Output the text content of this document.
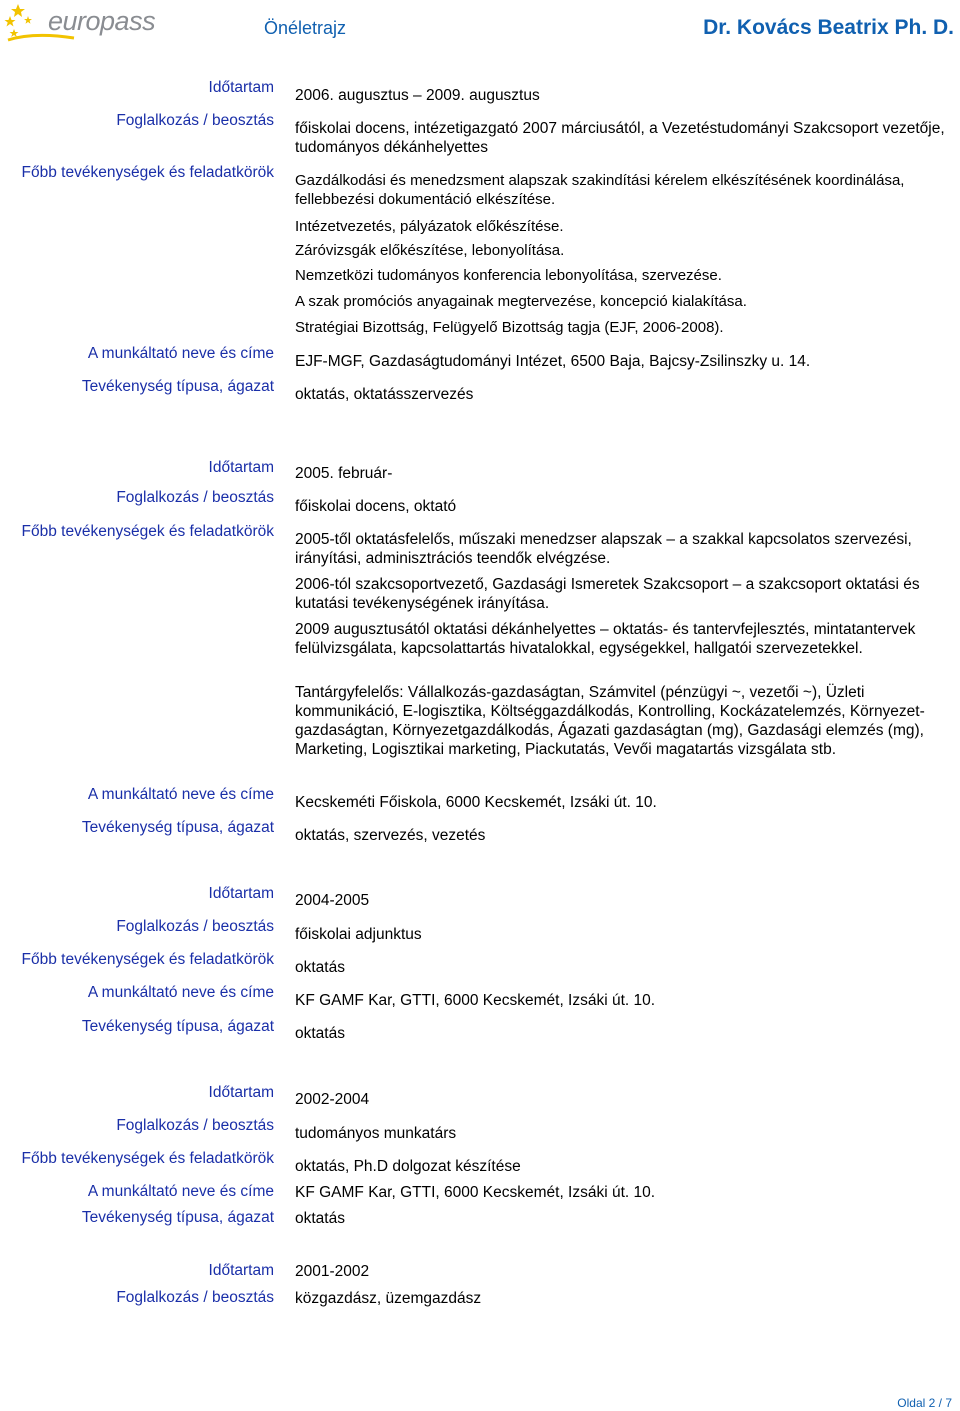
europass	Önéletrajz	Dr. Kovács Beatrix Ph. D.
Időtartam 2006. augusztus – 2009. augusztus
Foglalkozás / beosztás főiskolai docens, intézetigazgató 2007 márciusától, a Vezetéstudományi Szakcsoport vezetője, tudományos dékánhelyettes
Főbb tevékenységek és feladatkörök Gazdálkodási és menedzsment alapszak szakindítási kérelem elkészítésének koordinálása, fellebbezési dokumentáció elkészítése.
Intézetvezetés, pályázatok előkészítése.
Záróvizsgák előkészítése, lebonyolítása.
Nemzetközi tudományos konferencia lebonyolítása, szervezése.
A szak promóciós anyagainak megtervezése, koncepció kialakítása.
Stratégiai Bizottság, Felügyelő Bizottság tagja (EJF, 2006-2008).
A munkáltató neve és címe EJF-MGF, Gazdaságtudományi Intézet, 6500 Baja, Bajcsy-Zsilinszky u. 14.
Tevékenység típusa, ágazat oktatás, oktatásszervezés
Időtartam 2005. február-
Foglalkozás / beosztás
főiskolai docens, oktató
Főbb tevékenységek és feladatkörök 2005-től oktatásfelelős, műszaki menedzser alapszak – a szakkal kapcsolatos szervezési, irányítási, adminisztrációs teendők elvégzése.
2006-tól szakcsoportvezető, Gazdasági Ismeretek Szakcsoport – a szakcsoport oktatási és kutatási tevékenységének irányítása.
2009 augusztusától oktatási dékánhelyettes – oktatás- és tantervfejlesztés, mintatantervek felülvizsgálata, kapcsolattartás hivatalokkal, egységekkel, hallgatói szervezetekkel.
Tantárgyfelelős: Vállalkozás-gazdaságtan, Számvitel (pénzügyi ~, vezetői ~), Üzleti kommunikáció, E-logisztika, Költséggazdálkodás, Kontrolling, Kockázatelemzés, Környezet-gazdaságtan, Környezetgazdálkodás, Ágazati gazdaságtan (mg), Gazdasági elemzés (mg), Marketing, Logisztikai marketing, Piackutatás, Vevői magatartás vizsgálata stb.
A munkáltató neve és címe Kecskeméti Főiskola, 6000 Kecskemét, Izsáki út. 10.
Tevékenység típusa, ágazat oktatás, szervezés, vezetés
Időtartam 2004-2005
Foglalkozás / beosztás főiskolai adjunktus
Főbb tevékenységek és feladatkörök oktatás
A munkáltató neve és címe KF GAMF Kar, GTTI, 6000 Kecskemét, Izsáki út. 10.
Tevékenység típusa, ágazat oktatás
Időtartam 2002-2004
Foglalkozás / beosztás tudományos munkatárs
Főbb tevékenységek és feladatkörök oktatás, Ph.D dolgozat készítése
A munkáltató neve és címe KF GAMF Kar, GTTI, 6000 Kecskemét, Izsáki út. 10.
Tevékenység típusa, ágazat oktatás
Időtartam 2001-2002
Foglalkozás / beosztás közgazdász, üzemgazdász
Oldal 2 / 7
